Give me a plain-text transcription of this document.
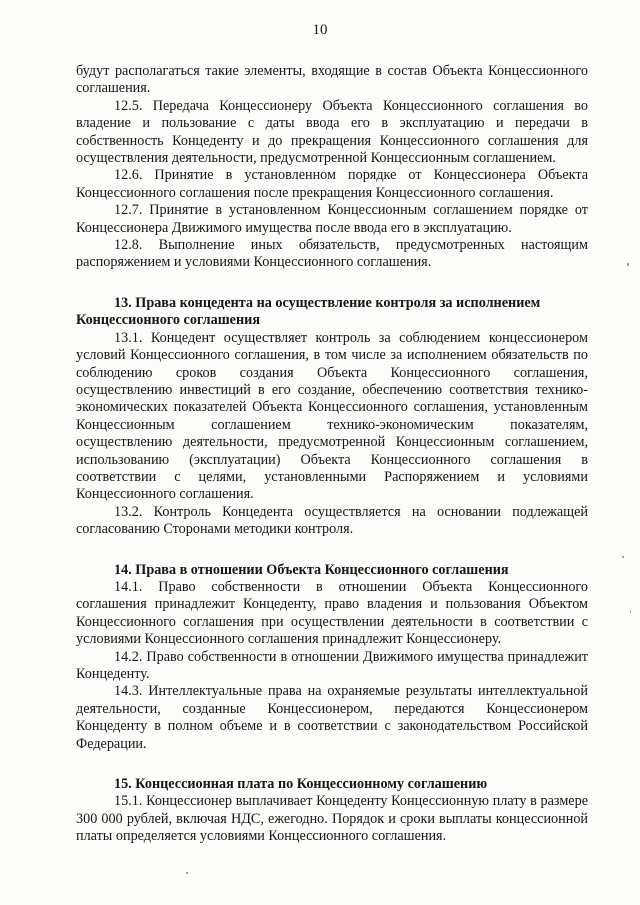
10

будут располагаться такие элементы, входящие в состав Объекта Концессионного соглашения.

12.5. Передача Концессионеру Объекта Концессионного соглашения во владение и пользование с даты ввода его в эксплуатацию и передачи в собственность Концеденту и до прекращения Концессионного соглашения для осуществления деятельности, предусмотренной Концессионным соглашением.

12.6. Принятие в установленном порядке от Концессионера Объекта Концессионного соглашения после прекращения Концессионного соглашения.

12.7. Принятие в установленном Концессионным соглашением порядке от Концессионера Движимого имущества после ввода его в эксплуатацию.

12.8. Выполнение иных обязательств, предусмотренных настоящим распоряжением и условиями Концессионного соглашения.

13. Права концедента на осуществление контроля за исполнением Концессионного соглашения

13.1. Концедент осуществляет контроль за соблюдением концессионером условий Концессионного соглашения, в том числе за исполнением обязательств по соблюдению сроков создания Объекта Концессионного соглашения, осуществлению инвестиций в его создание, обеспечению соответствия технико-экономических показателей Объекта Концессионного соглашения, установленным Концессионным соглашением технико-экономическим показателям, осуществлению деятельности, предусмотренной Концессионным соглашением, использованию (эксплуатации) Объекта Концессионного соглашения в соответствии с целями, установленными Распоряжением и условиями Концессионного соглашения.

13.2. Контроль Концедента осуществляется на основании подлежащей согласованию Сторонами методики контроля.

14. Права в отношении Объекта Концессионного соглашения

14.1. Право собственности в отношении Объекта Концессионного соглашения принадлежит Концеденту, право владения и пользования Объектом Концессионного соглашения при осуществлении деятельности в соответствии с условиями Концессионного соглашения принадлежит Концессионеру.

14.2. Право собственности в отношении Движимого имущества принадлежит Концеденту.

14.3. Интеллектуальные права на охраняемые результаты интеллектуальной деятельности, созданные Концессионером, передаются Концессионером Концеденту в полном объеме и в соответствии с законодательством Российской Федерации.

15. Концессионная плата по Концессионному соглашению

15.1. Концессионер выплачивает Концеденту Концессионную плату в размере 300 000 рублей, включая НДС, ежегодно. Порядок и сроки выплаты концессионной платы определяется условиями Концессионного соглашения.
